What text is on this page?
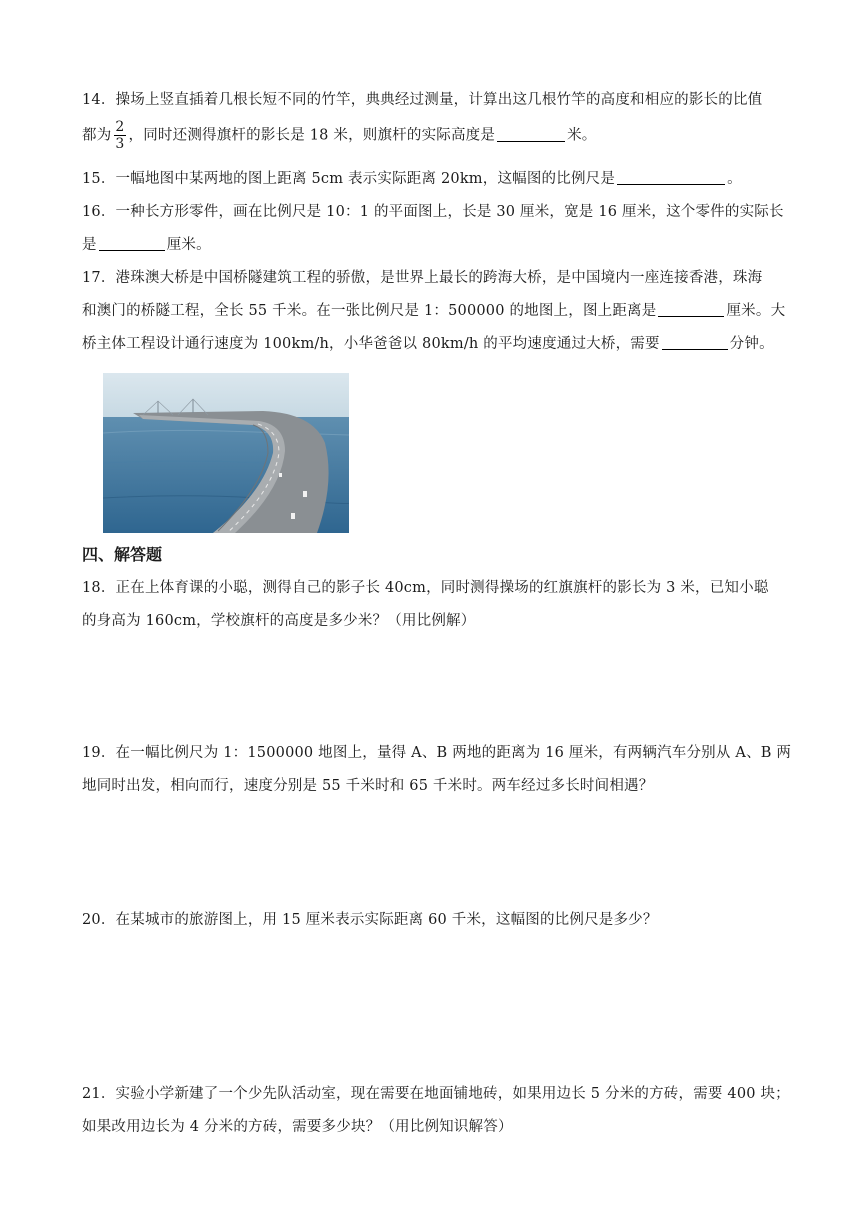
14．操场上竖直插着几根长短不同的竹竿，典典经过测量，计算出这几根竹竿的高度和相应的影长的比值
都为 $\frac{2}{3}$ ，同时还测得旗杆的影长是 18 米，则旗杆的实际高度是	米。
15．一幅地图中某两地的图上距离 5cm 表示实际距离 20km，这幅图的比例尺是	。
16．一种长方形零件，画在比例尺是 10：1 的平面图上，长是 30 厘米，宽是 16 厘米，这个零件的实际长
是	厘米。
17．港珠澳大桥是中国桥隧建筑工程的骄傲，是世界上最长的跨海大桥，是中国境内一座连接香港，珠海
和澳门的桥隧工程，全长 55 千米。在一张比例尺是 1：500000 的地图上，图上距离是	厘米。大
桥主体工程设计通行速度为 100km/h，小华爸爸以 80km/h 的平均速度通过大桥，需要	分钟。
四、解答题
18．正在上体育课的小聪，测得自己的影子长 40cm，同时测得操场的红旗旗杆的影长为 3 米，已知小聪
的身高为 160cm，学校旗杆的高度是多少米？（用比例解）
19．在一幅比例尺为 1：1500000 地图上，量得 A、B 两地的距离为 16 厘米，有两辆汽车分别从 A、B 两
地同时出发，相向而行，速度分别是 55 千米时和 65 千米时。两车经过多长时间相遇？
20．在某城市的旅游图上，用 15 厘米表示实际距离 60 千米，这幅图的比例尺是多少？
21．实验小学新建了一个少先队活动室，现在需要在地面铺地砖，如果用边长 5 分米的方砖，需要 400 块；
如果改用边长为 4 分米的方砖，需要多少块？（用比例知识解答）
